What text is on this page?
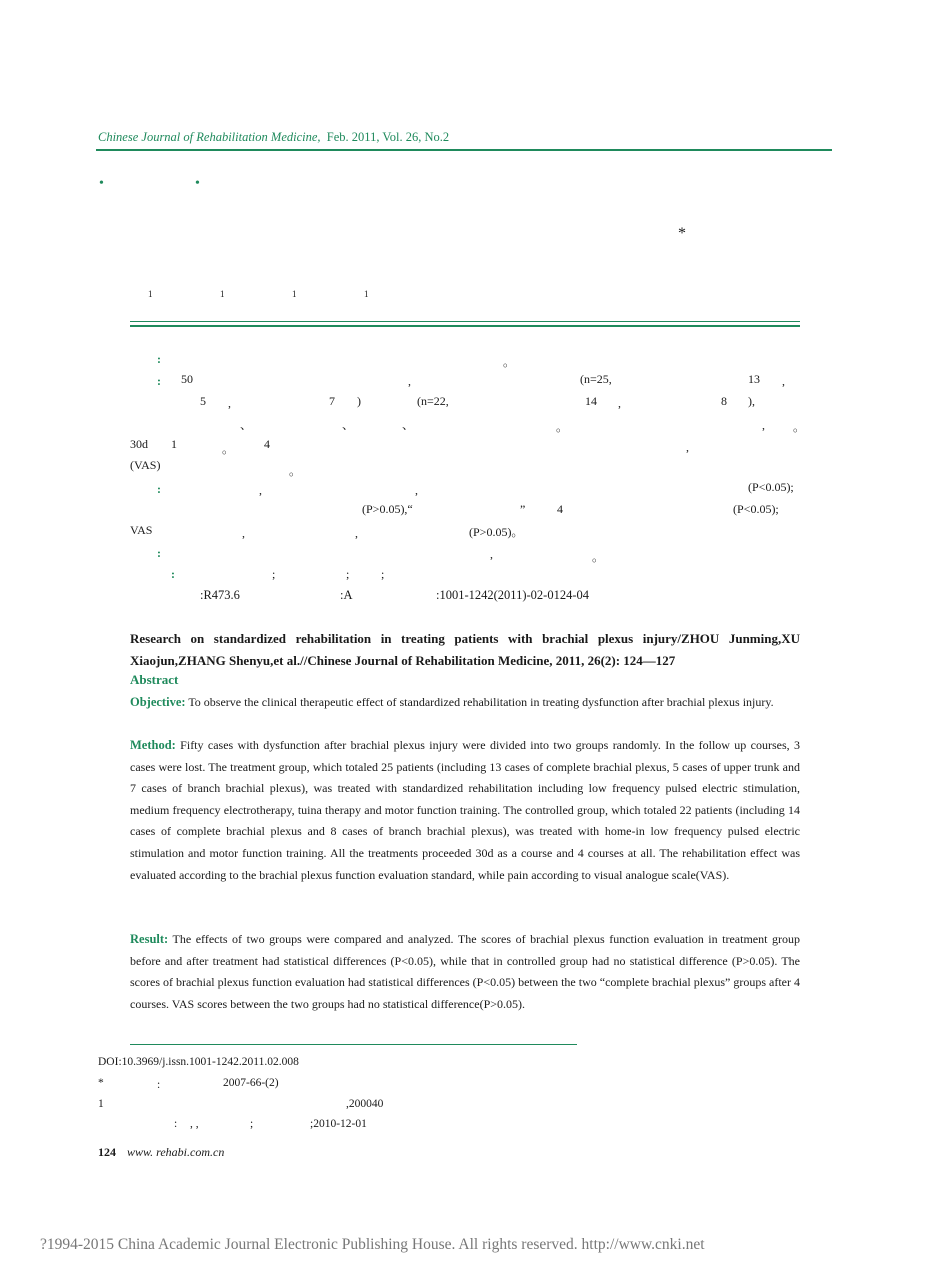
Chinese Journal of Rehabilitation Medicine, Feb. 2011, Vol. 26, No.2
•	•
*
1	1	1	1
:	。
: 50	,	(n=25,	13 ,
5 ,	7 )	(n=22,	14 ,	8 ),
、	、	、	。	, 。
30d 1	。 4	,
(VAS)	。
:	,	,	(P<0.05);
(P>0.05),“	”	4	(P<0.05);
VAS	,	,	(P>0.05)。
:	,	。
:	;	;	;
:R473.6	:A	:1001-1242(2011)-02-0124-04
Research on standardized rehabilitation in treating patients with brachial plexus injury/ZHOU Junming,XU Xiaojun,ZHANG Shenyu,et al.//Chinese Journal of Rehabilitation Medicine, 2011, 26(2): 124—127
Abstract
Objective: To observe the clinical therapeutic effect of standardized rehabilitation in treating dysfunction after brachial plexus injury.
Method: Fifty cases with dysfunction after brachial plexus injury were divided into two groups randomly. In the follow up courses, 3 cases were lost. The treatment group, which totaled 25 patients (including 13 cases of complete brachial plexus, 5 cases of upper trunk and 7 cases of branch brachial plexus), was treated with standardized rehabilitation including low frequency pulsed electric stimulation, medium frequency electrotherapy, tuina therapy and motor function training. The controlled group, which totaled 22 patients (including 14 cases of complete brachial plexus and 8 cases of branch brachial plexus), was treated with home-in low frequency pulsed electric stimulation and motor function training. All the treatments proceeded 30d as a course and 4 courses at all. The rehabilitation effect was evaluated according to the brachial plexus function evaluation standard, while pain according to visual analogue scale(VAS).
Result: The effects of two groups were compared and analyzed. The scores of brachial plexus function evaluation in treatment group before and after treatment had statistical differences (P<0.05), while that in controlled group had no statistical difference (P>0.05). The scores of brachial plexus function evaluation had statistical differences (P<0.05) between the two “complete brachial plexus” groups after 4 courses. VAS scores between the two groups had no statistical difference(P>0.05).
DOI:10.3969/j.issn.1001-1242.2011.02.008
*	:	2007-66-(2)
1	,200040
: , ,	;	;2010-12-01
124 www. rehabi.com.cn
?1994-2015 China Academic Journal Electronic Publishing House. All rights reserved. http://www.cnki.net
